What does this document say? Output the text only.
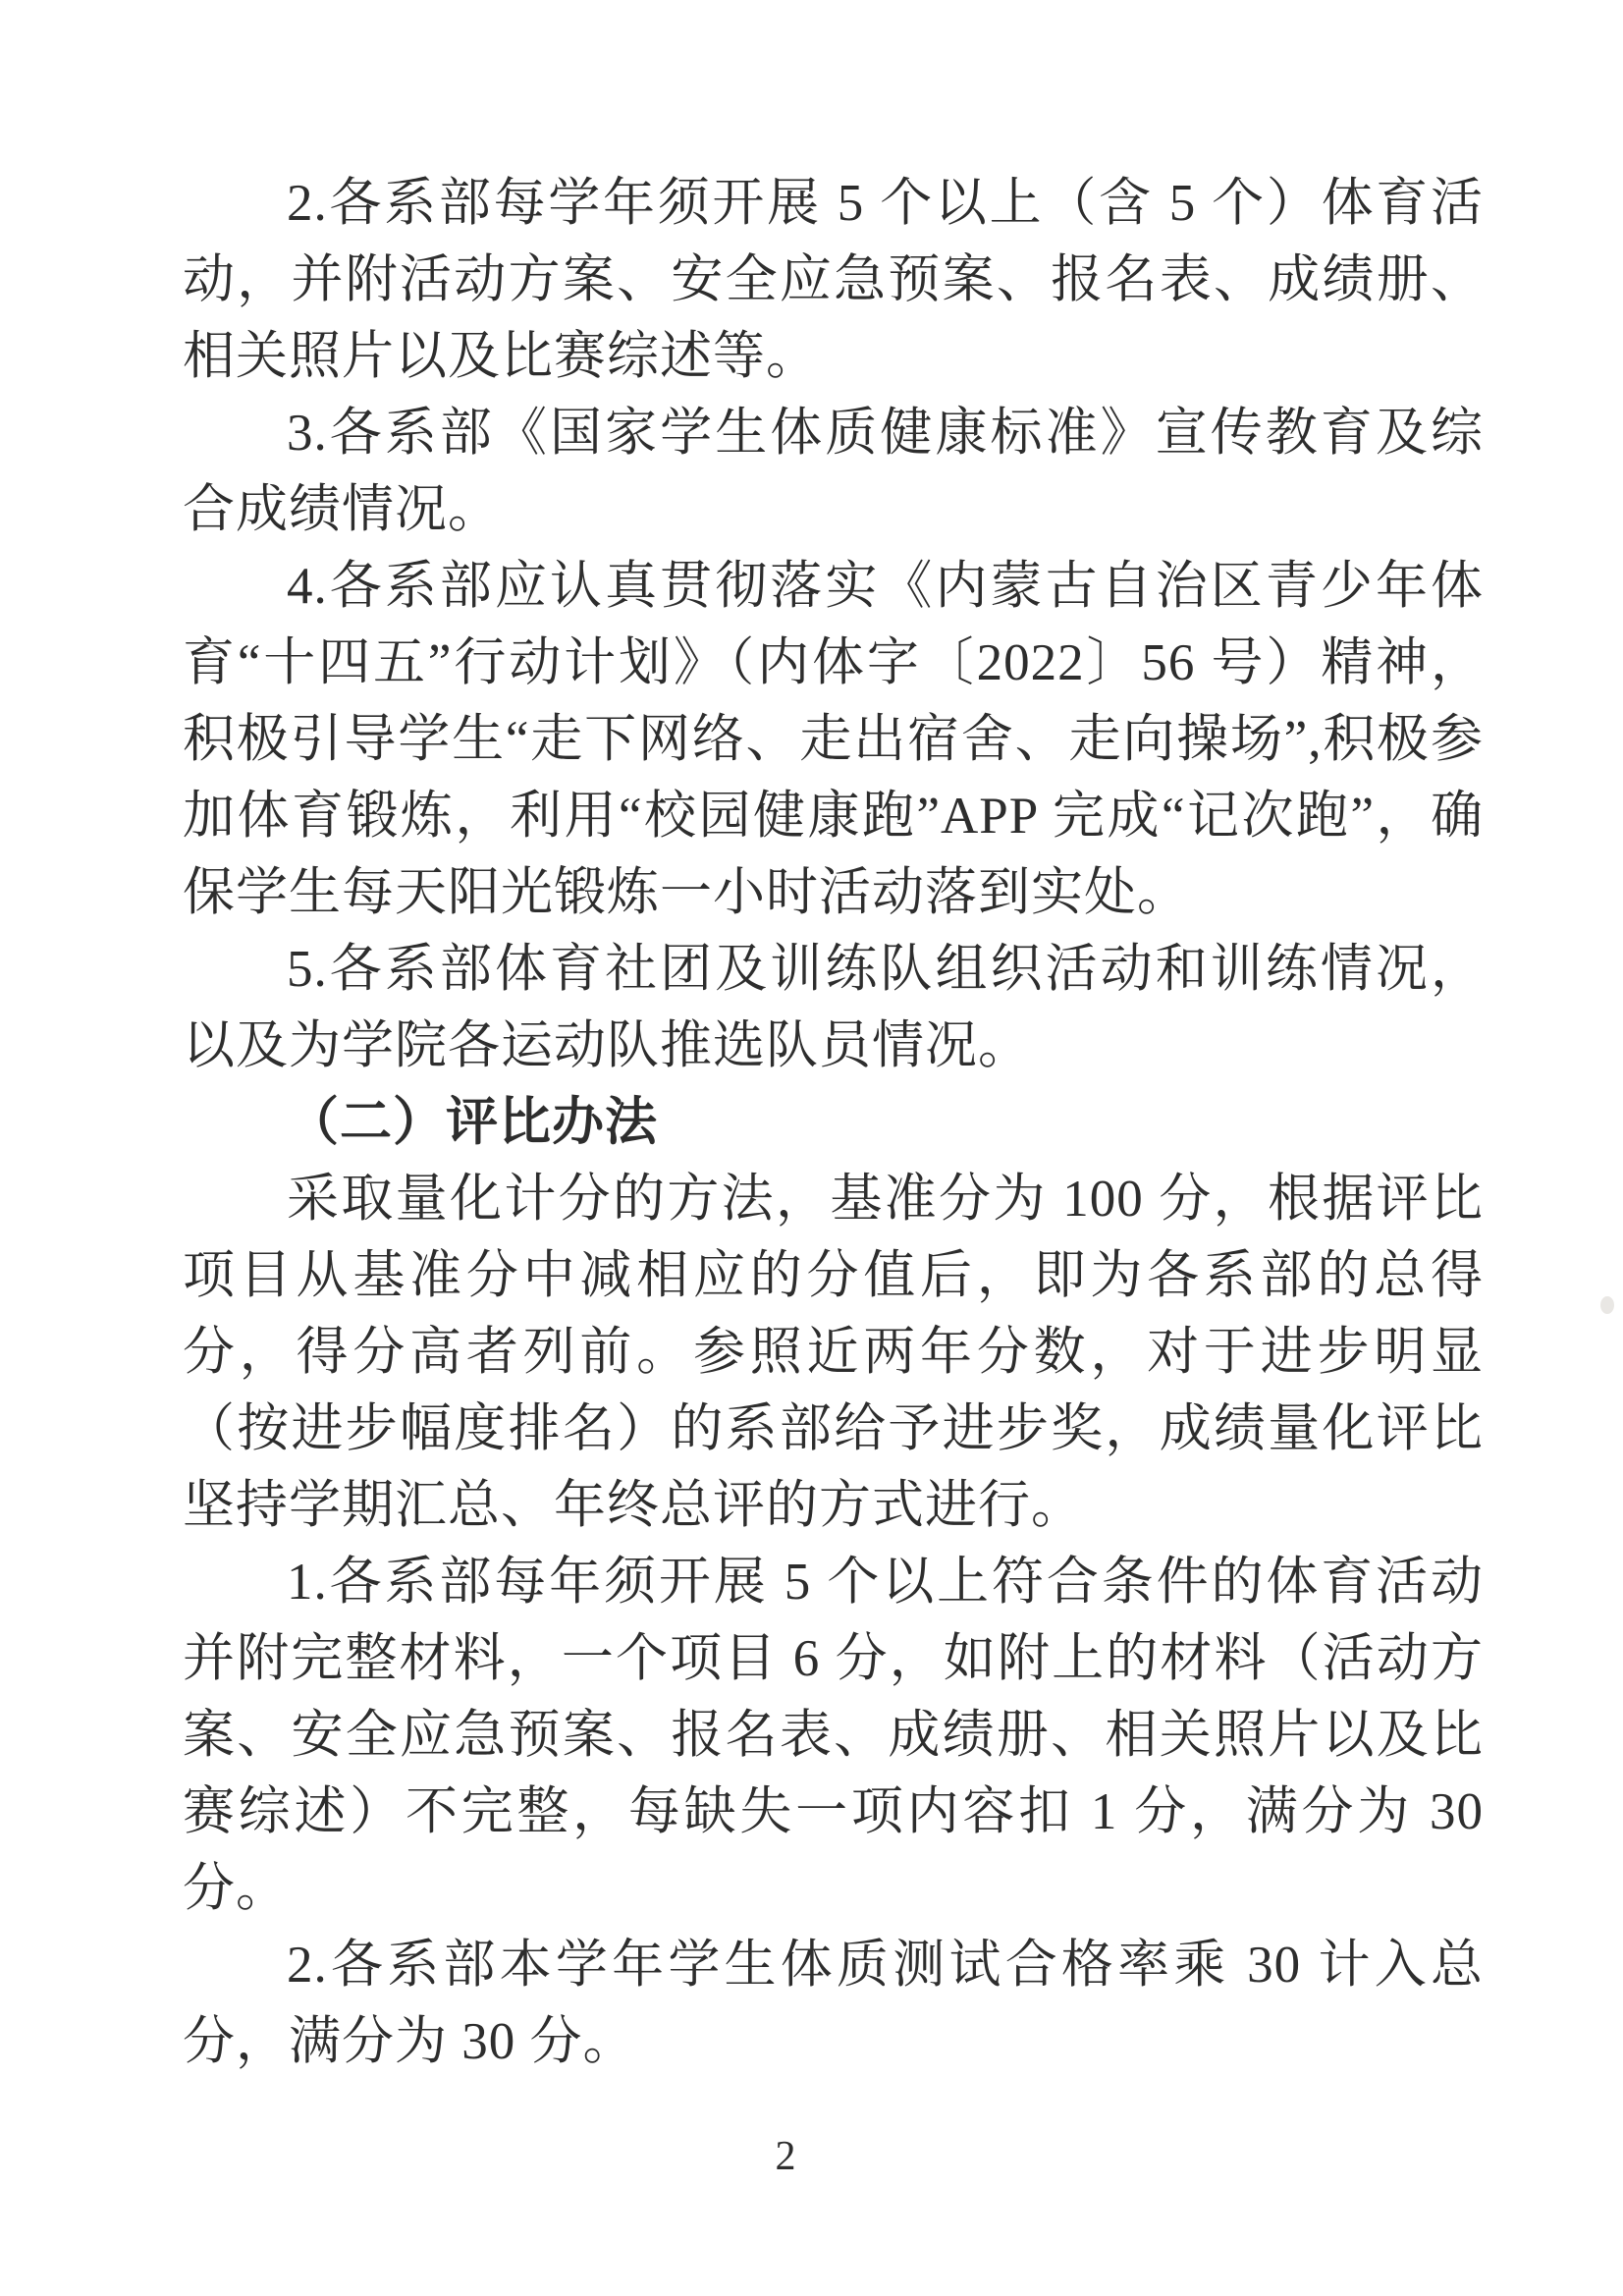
2.各系部每学年须开展 5 个以上（含 5 个）体育活动，并附活动方案、安全应急预案、报名表、成绩册、相关照片以及比赛综述等。

3.各系部《国家学生体质健康标准》宣传教育及综合成绩情况。

4.各系部应认真贯彻落实《内蒙古自治区青少年体育“十四五”行动计划》（内体字〔2022〕56 号）精神，积极引导学生“走下网络、走出宿舍、走向操场”,积极参加体育锻炼，利用“校园健康跑”APP 完成“记次跑”，确保学生每天阳光锻炼一小时活动落到实处。

5.各系部体育社团及训练队组织活动和训练情况，以及为学院各运动队推选队员情况。

（二）评比办法

采取量化计分的方法，基准分为 100 分，根据评比项目从基准分中减相应的分值后，即为各系部的总得分，得分高者列前。参照近两年分数，对于进步明显（按进步幅度排名）的系部给予进步奖，成绩量化评比坚持学期汇总、年终总评的方式进行。

1.各系部每年须开展 5 个以上符合条件的体育活动并附完整材料，一个项目 6 分，如附上的材料（活动方案、安全应急预案、报名表、成绩册、相关照片以及比赛综述）不完整，每缺失一项内容扣 1 分，满分为 30 分。

2.各系部本学年学生体质测试合格率乘 30 计入总分，满分为 30 分。

2
